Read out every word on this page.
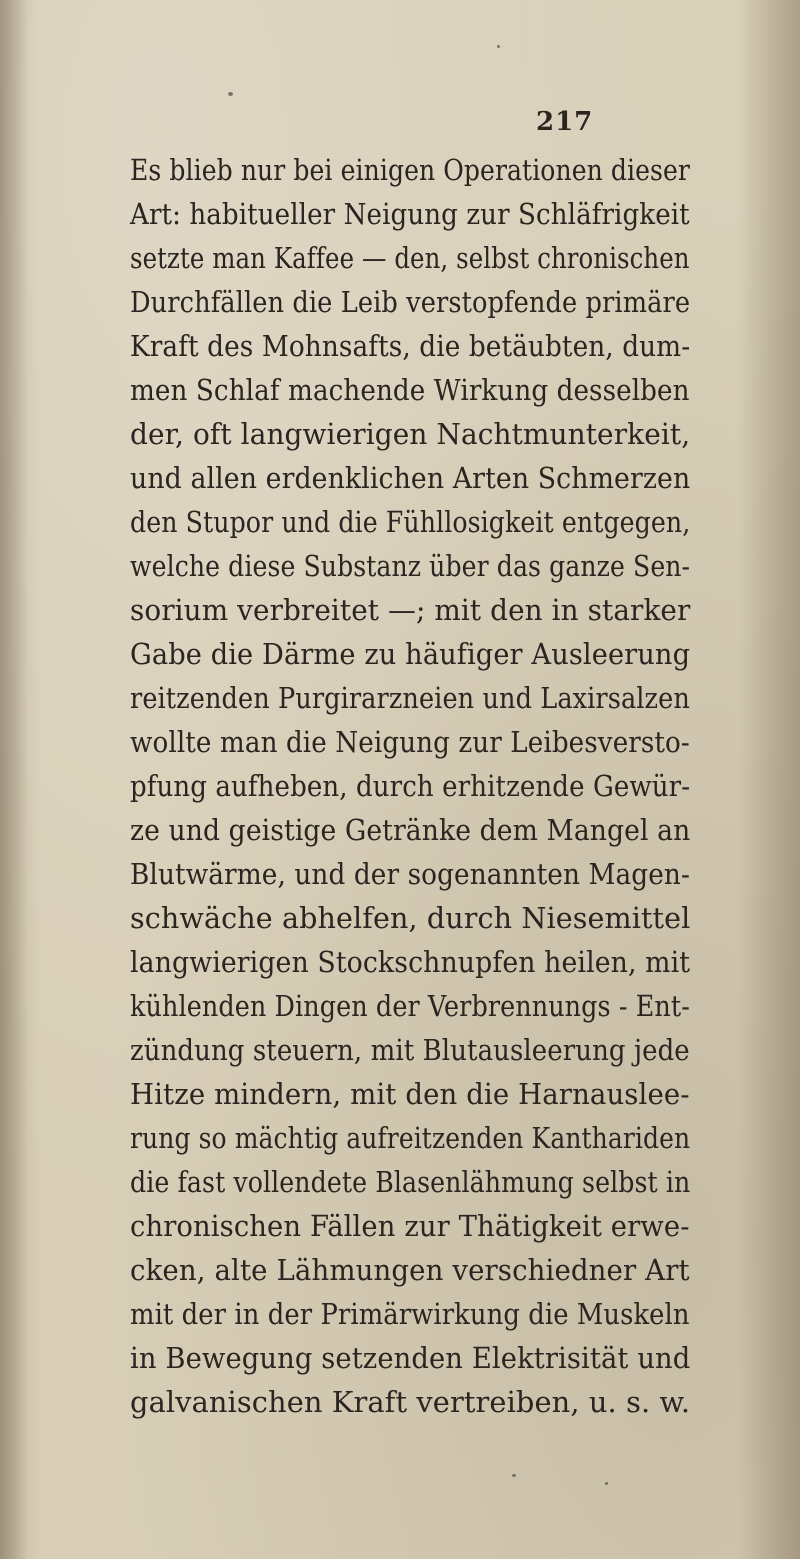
217
Es blieb nur bei einigen Operationen dieser
Art: habitueller Neigung zur Schläfrigkeit
setzte man Kaffee — den, selbst chronischen
Durchfällen die Leib verstopfende primäre
Kraft des Mohnsafts, die betäubten, dum-
men Schlaf machende Wirkung desselben
der, oft langwierigen Nachtmunterkeit,
und allen erdenklichen Arten Schmerzen
den Stupor und die Fühllosigkeit entgegen,
welche diese Substanz über das ganze Sen-
sorium verbreitet —; mit den in starker
Gabe die Därme zu häufiger Ausleerung
reitzenden Purgirarzneien und Laxirsalzen
wollte man die Neigung zur Leibesversto-
pfung aufheben, durch erhitzende Gewür-
ze und geistige Getränke dem Mangel an
Blutwärme, und der sogenannten Magen-
schwäche abhelfen, durch Niesemittel
langwierigen Stockschnupfen heilen, mit
kühlenden Dingen der Verbrennungs - Ent-
zündung steuern, mit Blutausleerung jede
Hitze mindern, mit den die Harnauslee-
rung so mächtig aufreitzenden Kanthariden
die fast vollendete Blasenlähmung selbst in
chronischen Fällen zur Thätigkeit erwe-
cken, alte Lähmungen verschiedner Art
mit der in der Primärwirkung die Muskeln
in Bewegung setzenden Elektrisität und
galvanischen Kraft vertreiben, u. s. w.
